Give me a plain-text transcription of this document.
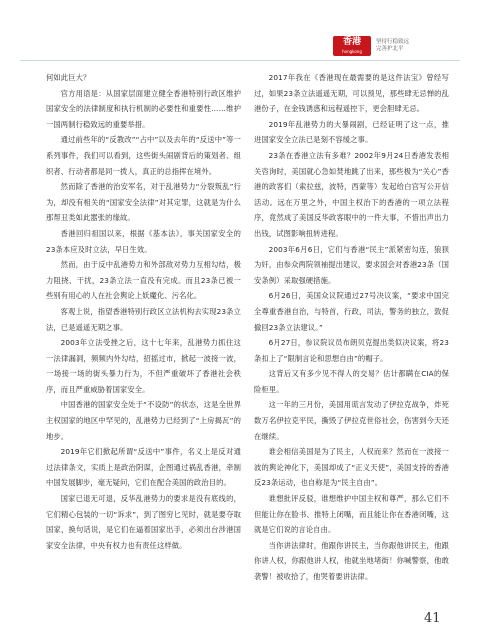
香港
hongkong
坚持行稳致远
完善护北平

何如此巨大？

官方用语是：从国家层面建立健全香港特别行政区维护国家安全的法律制度和执行机制的必要性和重要性……维护一国两制行稳致远的重要举措。

通过前些年的“反教改”“占中”以及去年的“反送中”等一系列事件，我们可以看到，这些街头闹剧背后的策划者、组织者、行动者都是同一拨人，真正的总指挥在境外。

然而除了香港的治安军名，对于乱港势力“分裂叛乱”行为，却没有相关的“国家安全法律”对其定罪，这就是为什么那帮丑类如此嚣张的缘故。

香港回归祖国以来，根据《基本法》，事关国家安全的23条本应及时立法，早日生效。

然而，由于反中乱港势力和外部敌对势力互相勾结，极力阻挠、干扰，23条立法一直没有完成。而且23条已被一些别有用心的人在社会舆论上妖魔化、污名化。

客观上说，指望香港特别行政区立法机构去实现23条立法，已是遥遥无期之事。

2003年立法受挫之后，这十七年来，乱港势力抓住这一法律漏洞，频频内外勾结，招摇过市，掀起一波接一波，一场接一场的街头暴力行为，不但严重破坏了香港社会秩序，而且严重威胁着国家安全。

中国香港的国家安全处于“不设防”的状态，这是全世界主权国家的地区中罕见的，乱港势力已经到了“上房揭瓦”的地步。

2019年它们掀起所谓“反送中”事件，名义上是反对通过法律条文，实质上是政治阴谋，企图通过祸乱香港，牵制中国发展脚步，毫无疑问，它们在配合美国的政治目的。

国家已退无可退，反华乱港势力的要求是没有底线的，它们精心包装的一切“诉求”，到了图穷匕见时，就是要夺取国家，换句话说，是它们在逼着国家出手，必须出台涉港国家安全法律，中央有权力也有责任这样做。

2017年我在《香港现在最需要的是这件法宝》曾经写过，如果23条立法遥遥无期，可以预见，那些肆无忌惮的乱港份子，在金钱诱惑和远程遥控下，更会胆肆无忌。

2019年乱港势力的大暴闹剧，已经证明了这一点，推进国家安全立法已是刻不容缓之事。

23条在香港立法有多难？2002年9月24日香港发表相关咨询时，美国就心急如焚地跳了出来，那些极为“关心”香港的政客们（索拉兹，波特，西蒙等）发起给白宫写公开信活动。远在万里之外，中国主权治下的香港的一项立法程序，竟然成了美国反华政客眼中的一件大事，不惜出声出力出钱，试图影响扭转进程。

2003年6月6日，它们与香港“民主”派紧密勾连，狼狈为奸，由参众两院领袖提出建议，要求国会对香港23条（国安条例）采取强硬措施。

6月26日，美国众议院通过27号决议案，“要求中国完全尊重香港自治，与特首，行政，司法，警务的独立，敦促撤回23条立法建议。”

6月27日，参议院议员布朗贝克提出类似决议案，将23条扣上了“限制言论和思想自由”的帽子。

这背后又有多少见不得人的交易？估计都瞒在CIA的保险柜里。

这一年的三月份，美国用谎言发动了伊拉克战争，炸死数万名伊拉克平民，撕毁了伊拉克世俗社会，伤害到今天还在继续。

谁会相信美国是为了民主，人权而来？然而在一波接一波的舆论神化下，美国却成了“正义天使”，美国支持的香港反23条运动，也自称是为“民主自由”。

谁想批评反驳，谁想维护中国主权和尊严，那么它们不但能让你在脸书、推特上闭嘴，而且能让你在香港闭嘴，这就是它们说的言论自由。

当你讲法律时，他跟你讲民主，当你跟他讲民主，他跟你讲人权，你跟他讲人权，他就坐地堵街！你喊警察，他敢袭警！被收拾了，他哭着要讲法律。

41
